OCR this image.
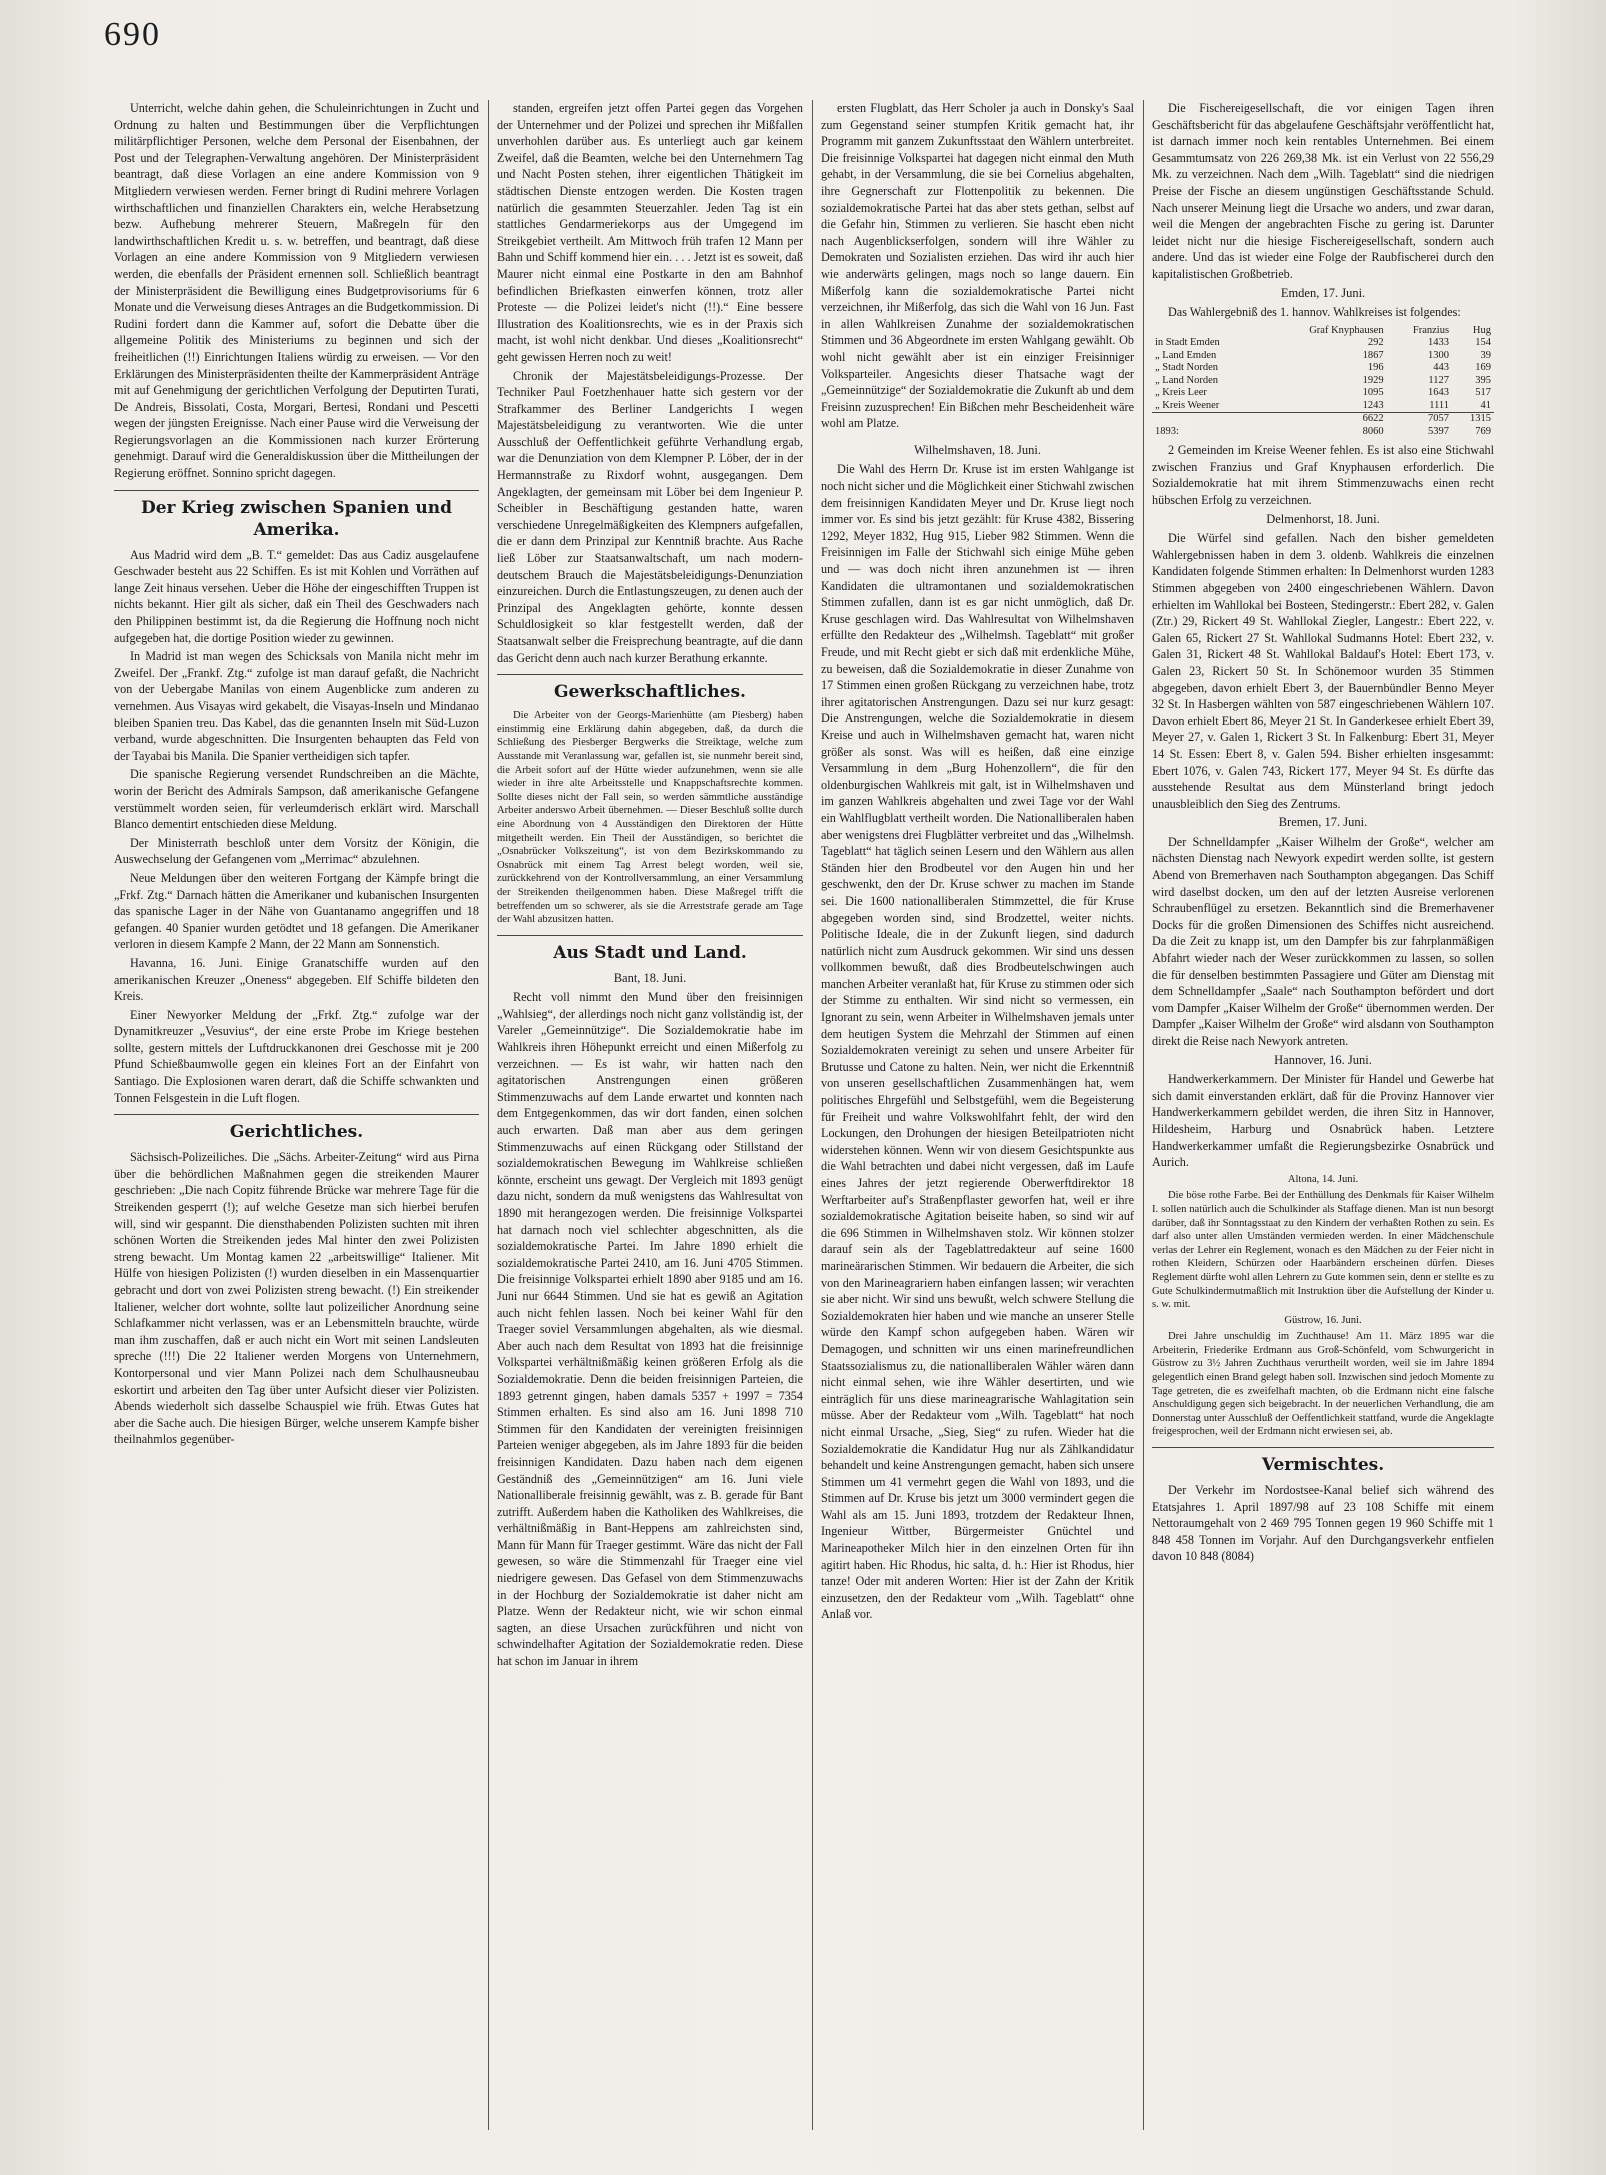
690

Unterricht, welche dahin gehen, die Schuleinrichtungen in Zucht und Ordnung zu halten und Bestimmungen über die Verpflichtungen militärpflichtiger Personen, welche dem Personal der Eisenbahnen, der Post und der Telegraphen-Verwaltung angehören. Der Ministerpräsident beantragt, daß diese Vorlagen an eine andere Kommission von 9 Mitgliedern verwiesen werden. Ferner bringt di Rudini mehrere Vorlagen wirthschaftlichen und finanziellen Charakters ein, welche Herabsetzung bezw. Aufhebung mehrerer Steuern, Maßregeln für den landwirthschaftlichen Kredit u. s. w. betreffen, und beantragt, daß diese Vorlagen an eine andere Kommission von 9 Mitgliedern verwiesen werden, die ebenfalls der Präsident ernennen soll. Schließlich beantragt der Ministerpräsident die Bewilligung eines Budgetprovisoriums für 6 Monate und die Verweisung dieses Antrages an die Budgetkommission. Di Rudini fordert dann die Kammer auf, sofort die Debatte über die allgemeine Politik des Ministeriums zu beginnen und sich der freiheitlichen (!!) Einrichtungen Italiens würdig zu erweisen. — Vor den Erklärungen des Ministerpräsidenten theilte der Kammerpräsident Anträge mit auf Genehmigung der gerichtlichen Verfolgung der Deputirten Turati, De Andreis, Bissolati, Costa, Morgari, Bertesi, Rondani und Pescetti wegen der jüngsten Ereignisse. Nach einer Pause wird die Verweisung der Regierungsvorlagen an die Kommissionen nach kurzer Erörterung genehmigt. Darauf wird die Generaldiskussion über die Mittheilungen der Regierung eröffnet. Sonnino spricht dagegen.

Der Krieg zwischen Spanien und Amerika.

Aus Madrid wird dem „B. T.“ gemeldet: Das aus Cadiz ausgelaufene Geschwader besteht aus 22 Schiffen. Es ist mit Kohlen und Vorräthen auf lange Zeit hinaus versehen. Ueber die Höhe der eingeschifften Truppen ist nichts bekannt. Hier gilt als sicher, daß ein Theil des Geschwaders nach den Philippinen bestimmt ist, da die Regierung die Hoffnung noch nicht aufgegeben hat, die dortige Position wieder zu gewinnen.

In Madrid ist man wegen des Schicksals von Manila nicht mehr im Zweifel. Der „Frankf. Ztg.“ zufolge ist man darauf gefaßt, die Nachricht von der Uebergabe Manilas von einem Augenblicke zum anderen zu vernehmen. Aus Visayas wird gekabelt, die Visayas-Inseln und Mindanao bleiben Spanien treu. Das Kabel, das die genannten Inseln mit Süd-Luzon verband, wurde abgeschnitten. Die Insurgenten behaupten das Feld von der Tayabai bis Manila. Die Spanier vertheidigen sich tapfer.

Die spanische Regierung versendet Rundschreiben an die Mächte, worin der Bericht des Admirals Sampson, daß amerikanische Gefangene verstümmelt worden seien, für verleumderisch erklärt wird. Marschall Blanco dementirt entschieden diese Meldung.

Der Ministerrath beschloß unter dem Vorsitz der Königin, die Auswechselung der Gefangenen vom „Merrimac“ abzulehnen.

Neue Meldungen über den weiteren Fortgang der Kämpfe bringt die „Frkf. Ztg.“ Darnach hätten die Amerikaner und kubanischen Insurgenten das spanische Lager in der Nähe von Guantanamo angegriffen und 18 gefangen. 40 Spanier wurden getödtet und 18 gefangen. Die Amerikaner verloren in diesem Kampfe 2 Mann, der 22 Mann am Sonnenstich.

Havanna, 16. Juni. Einige Granatschiffe wurden auf den amerikanischen Kreuzer „Oneness“ abgegeben. Elf Schiffe bildeten den Kreis.

Einer Newyorker Meldung der „Frkf. Ztg.“ zufolge war der Dynamitkreuzer „Vesuvius“, der eine erste Probe im Kriege bestehen sollte, gestern mittels der Luftdruckkanonen drei Geschosse mit je 200 Pfund Schießbaumwolle gegen ein kleines Fort an der Einfahrt von Santiago. Die Explosionen waren derart, daß die Schiffe schwankten und Tonnen Felsgestein in die Luft flogen.

Gerichtliches.

Sächsisch-Polizeiliches. Die „Sächs. Arbeiter-Zeitung“ wird aus Pirna über die behördlichen Maßnahmen gegen die streikenden Maurer geschrieben: „Die nach Copitz führende Brücke war mehrere Tage für die Streikenden gesperrt (!); auf welche Gesetze man sich hierbei berufen will, sind wir gespannt. Die diensthabenden Polizisten suchten mit ihren schönen Worten die Streikenden jedes Mal hinter den zwei Polizisten streng bewacht. Um Montag kamen 22 „arbeitswillige“ Italiener. Mit Hülfe von hiesigen Polizisten (!) wurden dieselben in ein Massenquartier gebracht und dort von zwei Polizisten streng bewacht. (!) Ein streikender Italiener, welcher dort wohnte, sollte laut polizeilicher Anordnung seine Schlafkammer nicht verlassen, was er an Lebensmitteln brauchte, würde man ihm zuschaffen, daß er auch nicht ein Wort mit seinen Landsleuten spreche (!!!) Die 22 Italiener werden Morgens von Unternehmern, Kontorpersonal und vier Mann Polizei nach dem Schulhausneubau eskortirt und arbeiten den Tag über unter Aufsicht dieser vier Polizisten. Abends wiederholt sich dasselbe Schauspiel wie früh. Etwas Gutes hat aber die Sache auch. Die hiesigen Bürger, welche unserem Kampfe bisher theilnahmlos gegenüber-

standen, ergreifen jetzt offen Partei gegen das Vorgehen der Unternehmer und der Polizei und sprechen ihr Mißfallen unverhohlen darüber aus. Es unterliegt auch gar keinem Zweifel, daß die Beamten, welche bei den Unternehmern Tag und Nacht Posten stehen, ihrer eigentlichen Thätigkeit im städtischen Dienste entzogen werden. Die Kosten tragen natürlich die gesammten Steuerzahler. Jeden Tag ist ein stattliches Gendarmeriekorps aus der Umgegend im Streikgebiet vertheilt. Am Mittwoch früh trafen 12 Mann per Bahn und Schiff kommend hier ein. . . . Jetzt ist es soweit, daß Maurer nicht einmal eine Postkarte in den am Bahnhof befindlichen Briefkasten einwerfen können, trotz aller Proteste — die Polizei leidet's nicht (!!).“ Eine bessere Illustration des Koalitionsrechts, wie es in der Praxis sich macht, ist wohl nicht denkbar. Und dieses „Koalitionsrecht“ geht gewissen Herren noch zu weit!

Chronik der Majestätsbeleidigungs-Prozesse. Der Techniker Paul Foetzhenhauer hatte sich gestern vor der Strafkammer des Berliner Landgerichts I wegen Majestätsbeleidigung zu verantworten. Wie die unter Ausschluß der Oeffentlichkeit geführte Verhandlung ergab, war die Denunziation von dem Klempner P. Löber, der in der Hermannstraße zu Rixdorf wohnt, ausgegangen. Dem Angeklagten, der gemeinsam mit Löber bei dem Ingenieur P. Scheibler in Beschäftigung gestanden hatte, waren verschiedene Unregelmäßigkeiten des Klempners aufgefallen, die er dann dem Prinzipal zur Kenntniß brachte. Aus Rache ließ Löber zur Staatsanwaltschaft, um nach modern-deutschem Brauch die Majestätsbeleidigungs-Denunziation einzureichen. Durch die Entlastungszeugen, zu denen auch der Prinzipal des Angeklagten gehörte, konnte dessen Schuldlosigkeit so klar festgestellt werden, daß der Staatsanwalt selber die Freisprechung beantragte, auf die dann das Gericht denn auch nach kurzer Berathung erkannte.

Gewerkschaftliches.

Die Arbeiter von der Georgs-Marienhütte (am Piesberg) haben einstimmig eine Erklärung dahin abgegeben, daß, da durch die Schließung des Piesberger Bergwerks die Streiktage, welche zum Ausstande mit Veranlassung war, gefallen ist, sie nunmehr bereit sind, die Arbeit sofort auf der Hütte wieder aufzunehmen, wenn sie alle wieder in ihre alte Arbeitsstelle und Knappschaftsrechte kommen. Sollte dieses nicht der Fall sein, so werden sämmtliche ausständige Arbeiter anderswo Arbeit übernehmen. — Dieser Beschluß sollte durch eine Abordnung von 4 Ausständigen den Direktoren der Hütte mitgetheilt werden. Ein Theil der Ausständigen, so berichtet die „Osnabrücker Volkszeitung“, ist von dem Bezirkskommando zu Osnabrück mit einem Tag Arrest belegt worden, weil sie, zurückkehrend von der Kontrollversammlung, an einer Versammlung der Streikenden theilgenommen haben. Diese Maßregel trifft die betreffenden um so schwerer, als sie die Arreststrafe gerade am Tage der Wahl abzusitzen hatten.

Aus Stadt und Land.
Bant, 18. Juni.

Recht voll nimmt den Mund über den freisinnigen „Wahlsieg“, der allerdings noch nicht ganz vollständig ist, der Vareler „Gemeinnützige“. Die Sozialdemokratie habe im Wahlkreis ihren Höhepunkt erreicht und einen Mißerfolg zu verzeichnen. — Es ist wahr, wir hatten nach den agitatorischen Anstrengungen einen größeren Stimmenzuwachs auf dem Lande erwartet und konnten nach dem Entgegenkommen, das wir dort fanden, einen solchen auch erwarten. Daß man aber aus dem geringen Stimmenzuwachs auf einen Rückgang oder Stillstand der sozialdemokratischen Bewegung im Wahlkreise schließen könnte, erscheint uns gewagt. Der Vergleich mit 1893 genügt dazu nicht, sondern da muß wenigstens das Wahlresultat von 1890 mit herangezogen werden. Die freisinnige Volkspartei hat darnach noch viel schlechter abgeschnitten, als die sozialdemokratische Partei. Im Jahre 1890 erhielt die sozialdemokratische Partei 2410, am 16. Juni 4705 Stimmen. Die freisinnige Volkspartei erhielt 1890 aber 9185 und am 16. Juni nur 6644 Stimmen. Und sie hat es gewiß an Agitation auch nicht fehlen lassen. Noch bei keiner Wahl für den Traeger soviel Versammlungen abgehalten, als wie diesmal. Aber auch nach dem Resultat von 1893 hat die freisinnige Volkspartei verhältnißmäßig keinen größeren Erfolg als die Sozialdemokratie. Denn die beiden freisinnigen Parteien, die 1893 getrennt gingen, haben damals 5357 + 1997 = 7354 Stimmen erhalten. Es sind also am 16. Juni 1898 710 Stimmen für den Kandidaten der vereinigten freisinnigen Parteien weniger abgegeben, als im Jahre 1893 für die beiden freisinnigen Kandidaten. Dazu haben nach dem eigenen Geständniß des „Gemeinnützigen“ am 16. Juni viele Nationalliberale freisinnig gewählt, was z. B. gerade für Bant zutrifft. Außerdem haben die Katholiken des Wahlkreises, die verhältnißmäßig in Bant-Heppens am zahlreichsten sind, Mann für Mann für Traeger gestimmt. Wäre das nicht der Fall gewesen, so wäre die Stimmenzahl für Traeger eine viel niedrigere gewesen. Das Gefasel von dem Stimmenzuwachs in der Hochburg der Sozialdemokratie ist daher nicht am Platze. Wenn der Redakteur nicht, wie wir schon einmal sagten, an diese Ursachen zurückführen und nicht von schwindelhafter Agitation der Sozialdemokratie reden. Diese hat schon im Januar in ihrem

ersten Flugblatt, das Herr Scholer ja auch in Donsky's Saal zum Gegenstand seiner stumpfen Kritik gemacht hat, ihr Programm mit ganzem Zukunftsstaat den Wählern unterbreitet. Die freisinnige Volkspartei hat dagegen nicht einmal den Muth gehabt, in der Versammlung, die sie bei Cornelius abgehalten, ihre Gegnerschaft zur Flottenpolitik zu bekennen. Die sozialdemokratische Partei hat das aber stets gethan, selbst auf die Gefahr hin, Stimmen zu verlieren. Sie hascht eben nicht nach Augenblickserfolgen, sondern will ihre Wähler zu Demokraten und Sozialisten erziehen. Das wird ihr auch hier wie anderwärts gelingen, mags noch so lange dauern. Ein Mißerfolg kann die sozialdemokratische Partei nicht verzeichnen, ihr Mißerfolg, das sich die Wahl von 16 Jun. Fast in allen Wahlkreisen Zunahme der sozialdemokratischen Stimmen und 36 Abgeordnete im ersten Wahlgang gewählt. Ob wohl nicht gewählt aber ist ein einziger Freisinniger Volksparteiler. Angesichts dieser Thatsache wagt der „Gemeinnützige“ der Sozialdemokratie die Zukunft ab und dem Freisinn zuzusprechen! Ein Bißchen mehr Bescheidenheit wäre wohl am Platze.

Wilhelmshaven, 18. Juni.

Die Wahl des Herrn Dr. Kruse ist im ersten Wahlgange ist noch nicht sicher und die Möglichkeit einer Stichwahl zwischen dem freisinnigen Kandidaten Meyer und Dr. Kruse liegt noch immer vor. Es sind bis jetzt gezählt: für Kruse 4382, Bissering 1292, Meyer 1832, Hug 915, Lieber 982 Stimmen. Wenn die Freisinnigen im Falle der Stichwahl sich einige Mühe geben und — was doch nicht ihren anzunehmen ist — ihren Kandidaten die ultramontanen und sozialdemokratischen Stimmen zufallen, dann ist es gar nicht unmöglich, daß Dr. Kruse geschlagen wird. Das Wahlresultat von Wilhelmshaven erfüllte den Redakteur des „Wilhelmsh. Tageblatt“ mit großer Freude, und mit Recht giebt er sich daß mit erdenkliche Mühe, zu beweisen, daß die Sozialdemokratie in dieser Zunahme von 17 Stimmen einen großen Rückgang zu verzeichnen habe, trotz ihrer agitatorischen Anstrengungen. Dazu sei nur kurz gesagt: Die Anstrengungen, welche die Sozialdemokratie in diesem Kreise und auch in Wilhelmshaven gemacht hat, waren nicht größer als sonst. Was will es heißen, daß eine einzige Versammlung in dem „Burg Hohenzollern“, die für den oldenburgischen Wahlkreis mit galt, ist in Wilhelmshaven und im ganzen Wahlkreis abgehalten und zwei Tage vor der Wahl ein Wahlflugblatt vertheilt worden. Die Nationalliberalen haben aber wenigstens drei Flugblätter verbreitet und das „Wilhelmsh. Tageblatt“ hat täglich seinen Lesern und den Wählern aus allen Ständen hier den Brodbeutel vor den Augen hin und her geschwenkt, den der Dr. Kruse schwer zu machen im Stande sei. Die 1600 nationalliberalen Stimmzettel, die für Kruse abgegeben worden sind, sind Brodzettel, weiter nichts. Politische Ideale, die in der Zukunft liegen, sind dadurch natürlich nicht zum Ausdruck gekommen. Wir sind uns dessen vollkommen bewußt, daß dies Brodbeutelschwingen auch manchen Arbeiter veranlaßt hat, für Kruse zu stimmen oder sich der Stimme zu enthalten. Wir sind nicht so vermessen, ein Ignorant zu sein, wenn Arbeiter in Wilhelmshaven jemals unter dem heutigen System die Mehrzahl der Stimmen auf einen Sozialdemokraten vereinigt zu sehen und unsere Arbeiter für Brutusse und Catone zu halten. Nein, wer nicht die Erkenntniß von unseren gesellschaftlichen Zusammenhängen hat, wem politisches Ehrgefühl und Selbstgefühl, wem die Begeisterung für Freiheit und wahre Volkswohlfahrt fehlt, der wird den Lockungen, den Drohungen der hiesigen Beteilpatrioten nicht widerstehen können. Wenn wir von diesem Gesichtspunkte aus die Wahl betrachten und dabei nicht vergessen, daß im Laufe eines Jahres der jetzt regierende Oberwerftdirektor 18 Werftarbeiter auf's Straßenpflaster geworfen hat, weil er ihre sozialdemokratische Agitation beiseite haben, so sind wir auf die 696 Stimmen in Wilhelmshaven stolz. Wir können stolzer darauf sein als der Tageblattredakteur auf seine 1600 marineärarischen Stimmen. Wir bedauern die Arbeiter, die sich von den Marineagrariern haben einfangen lassen; wir verachten sie aber nicht. Wir sind uns bewußt, welch schwere Stellung die Sozialdemokraten hier haben und wie manche an unserer Stelle würde den Kampf schon aufgegeben haben. Wären wir Demagogen, und schnitten wir uns einen marinefreundlichen Staatssozialismus zu, die nationalliberalen Wähler wären dann nicht einmal sehen, wie ihre Wähler desertirten, und wie einträglich für uns diese marineagrarische Wahlagitation sein müsse. Aber der Redakteur vom „Wilh. Tageblatt“ hat noch nicht einmal Ursache, „Sieg, Sieg“ zu rufen. Wieder hat die Sozialdemokratie die Kandidatur Hug nur als Zählkandidatur behandelt und keine Anstrengungen gemacht, haben sich unsere Stimmen um 41 vermehrt gegen die Wahl von 1893, und die Stimmen auf Dr. Kruse bis jetzt um 3000 vermindert gegen die Wahl als am 15. Juni 1893, trotzdem der Redakteur Ihnen, Ingenieur Wittber, Bürgermeister Gnüchtel und Marineapotheker Milch hier in den einzelnen Orten für ihn agitirt haben. Hic Rhodus, hic salta, d. h.: Hier ist Rhodus, hier tanze! Oder mit anderen Worten: Hier ist der Zahn der Kritik einzusetzen, den der Redakteur vom „Wilh. Tageblatt“ ohne Anlaß vor.

Die Fischereigesellschaft, die vor einigen Tagen ihren Geschäftsbericht für das abgelaufene Geschäftsjahr veröffentlicht hat, ist darnach immer noch kein rentables Unternehmen. Bei einem Gesammtumsatz von 226 269,38 Mk. ist ein Verlust von 22 556,29 Mk. zu verzeichnen. Nach dem „Wilh. Tageblatt“ sind die niedrigen Preise der Fische an diesem ungünstigen Geschäftsstande Schuld. Nach unserer Meinung liegt die Ursache wo anders, und zwar daran, weil die Mengen der angebrachten Fische zu gering ist. Darunter leidet nicht nur die hiesige Fischereigesellschaft, sondern auch andere. Und das ist wieder eine Folge der Raubfischerei durch den kapitalistischen Großbetrieb.

Emden, 17. Juni.

Das Wahlergebniß des 1. hannov. Wahlkreises ist folgendes:

	Graf Knyphausen	Franzius	Hug
in Stadt Emden	292	1433	154
„ Land Emden	1867	1300	39
„ Stadt Norden	196	443	169
„ Land Norden	1929	1127	395
„ Kreis Leer	1095	1643	517
„ Kreis Weener	1243	1111	41
	6622	7057	1315
1893:	8060	5397	769

2 Gemeinden im Kreise Weener fehlen. Es ist also eine Stichwahl zwischen Franzius und Graf Knyphausen erforderlich. Die Sozialdemokratie hat mit ihrem Stimmenzuwachs einen recht hübschen Erfolg zu verzeichnen.

Delmenhorst, 18. Juni.

Die Würfel sind gefallen. Nach den bisher gemeldeten Wahlergebnissen haben in dem 3. oldenb. Wahlkreis die einzelnen Kandidaten folgende Stimmen erhalten: In Delmenhorst wurden 1283 Stimmen abgegeben von 2400 eingeschriebenen Wählern. Davon erhielten im Wahllokal bei Bosteen, Stedingerstr.: Ebert 282, v. Galen (Ztr.) 29, Rickert 49 St. Wahllokal Ziegler, Langestr.: Ebert 222, v. Galen 65, Rickert 27 St. Wahllokal Sudmanns Hotel: Ebert 232, v. Galen 31, Rickert 48 St. Wahllokal Baldauf's Hotel: Ebert 173, v. Galen 23, Rickert 50 St. In Schönemoor wurden 35 Stimmen abgegeben, davon erhielt Ebert 3, der Bauernbündler Benno Meyer 32 St. In Hasbergen wählten von 587 eingeschriebenen Wählern 107. Davon erhielt Ebert 86, Meyer 21 St. In Ganderkesee erhielt Ebert 39, Meyer 27, v. Galen 1, Rickert 3 St. In Falkenburg: Ebert 31, Meyer 14 St. Essen: Ebert 8, v. Galen 594. Bisher erhielten insgesammt: Ebert 1076, v. Galen 743, Rickert 177, Meyer 94 St. Es dürfte das ausstehende Resultat aus dem Münsterland bringt jedoch unausbleiblich den Sieg des Zentrums.

Bremen, 17. Juni.

Der Schnelldampfer „Kaiser Wilhelm der Große“, welcher am nächsten Dienstag nach Newyork expedirt werden sollte, ist gestern Abend von Bremerhaven nach Southampton abgegangen. Das Schiff wird daselbst docken, um den auf der letzten Ausreise verlorenen Schraubenflügel zu ersetzen. Bekanntlich sind die Bremerhavener Docks für die großen Dimensionen des Schiffes nicht ausreichend. Da die Zeit zu knapp ist, um den Dampfer bis zur fahrplanmäßigen Abfahrt wieder nach der Weser zurückkommen zu lassen, so sollen die für denselben bestimmten Passagiere und Güter am Dienstag mit dem Schnelldampfer „Saale“ nach Southampton befördert und dort vom Dampfer „Kaiser Wilhelm der Große“ übernommen werden. Der Dampfer „Kaiser Wilhelm der Große“ wird alsdann von Southampton direkt die Reise nach Newyork antreten.

Hannover, 16. Juni.

Handwerkerkammern. Der Minister für Handel und Gewerbe hat sich damit einverstanden erklärt, daß für die Provinz Hannover vier Handwerkerkammern gebildet werden, die ihren Sitz in Hannover, Hildesheim, Harburg und Osnabrück haben. Letztere Handwerkerkammer umfaßt die Regierungsbezirke Osnabrück und Aurich.

Altona, 14. Juni.

Die böse rothe Farbe. Bei der Enthüllung des Denkmals für Kaiser Wilhelm I. sollen natürlich auch die Schulkinder als Staffage dienen. Man ist nun besorgt darüber, daß ihr Sonntagsstaat zu den Kindern der verhaßten Rothen zu sein. Es darf also unter allen Umständen vermieden werden. In einer Mädchenschule verlas der Lehrer ein Reglement, wonach es den Mädchen zu der Feier nicht in rothen Kleidern, Schürzen oder Haarbändern erscheinen dürfen. Dieses Reglement dürfte wohl allen Lehrern zu Gute kommen sein, denn er stellte es zu Gute Schulkindermutmaßlich mit Instruktion über die Aufstellung der Kinder u. s. w. mit.

Güstrow, 16. Juni.

Drei Jahre unschuldig im Zuchthause! Am 11. März 1895 war die Arbeiterin, Friederike Erdmann aus Groß-Schönfeld, vom Schwurgericht in Güstrow zu 3½ Jahren Zuchthaus verurtheilt worden, weil sie im Jahre 1894 gelegentlich einen Brand gelegt haben soll. Inzwischen sind jedoch Momente zu Tage getreten, die es zweifelhaft machten, ob die Erdmann nicht eine falsche Anschuldigung gegen sich beigebracht. In der neuerlichen Verhandlung, die am Donnerstag unter Ausschluß der Oeffentlichkeit stattfand, wurde die Angeklagte freigesprochen, weil der Erdmann nicht erwiesen sei, ab.

Vermischtes.

Der Verkehr im Nordostsee-Kanal belief sich während des Etatsjahres 1. April 1897/98 auf 23 108 Schiffe mit einem Nettoraumgehalt von 2 469 795 Tonnen gegen 19 960 Schiffe mit 1 848 458 Tonnen im Vorjahr. Auf den Durchgangsverkehr entfielen davon 10 848 (8084)
